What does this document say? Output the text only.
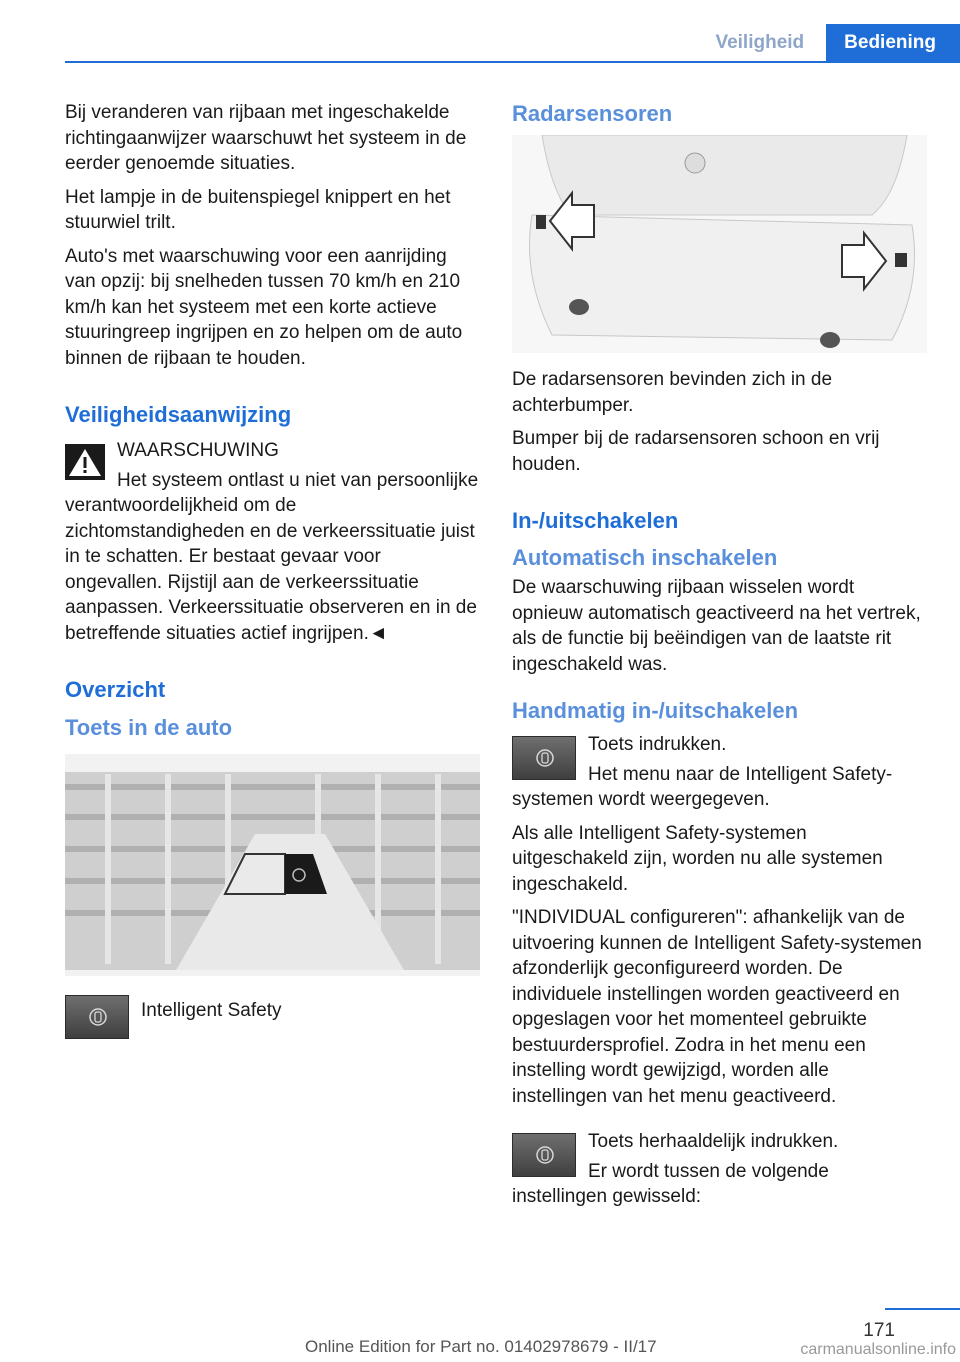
Veiligheid	Bediening

Bij veranderen van rijbaan met ingeschakelde richtingaanwijzer waarschuwt het systeem in de eerder genoemde situaties.

Het lampje in de buitenspiegel knippert en het stuurwiel trilt.

Auto's met waarschuwing voor een aanrijding van opzij: bij snelheden tussen 70 km/h en 210 km/h kan het systeem met een korte actieve stuuringreep ingrijpen en zo helpen om de auto binnen de rijbaan te houden.

Veiligheidsaanwijzing

WAARSCHUWING

Het systeem ontlast u niet van persoonlijke verantwoordelijkheid om de zichtomstandigheden en de verkeerssituatie juist in te schatten. Er bestaat gevaar voor ongevallen. Rijstijl aan de verkeerssituatie aanpassen. Verkeerssituatie observeren en in de betreffende situaties actief ingrijpen.◄

Overzicht
Toets in de auto

Intelligent Safety

Radarsensoren

De radarsensoren bevinden zich in de achterbumper.

Bumper bij de radarsensoren schoon en vrij houden.

In-/uitschakelen
Automatisch inschakelen

De waarschuwing rijbaan wisselen wordt opnieuw automatisch geactiveerd na het vertrek, als de functie bij beëindigen van de laatste rit ingeschakeld was.

Handmatig in-/uitschakelen

Toets indrukken.

Het menu naar de Intelligent Safety-systemen wordt weergegeven.

Als alle Intelligent Safety-systemen uitgeschakeld zijn, worden nu alle systemen ingeschakeld.

"INDIVIDUAL configureren": afhankelijk van de uitvoering kunnen de Intelligent Safety-systemen afzonderlijk geconfigureerd worden. De individuele instellingen worden geactiveerd en opgeslagen voor het momenteel gebruikte bestuurdersprofiel. Zodra in het menu een instelling wordt gewijzigd, worden alle instellingen van het menu geactiveerd.

Toets herhaaldelijk indrukken.

Er wordt tussen de volgende instellingen gewisseld:

171
Online Edition for Part no. 01402978679 - II/17	carmanualsonline.info
